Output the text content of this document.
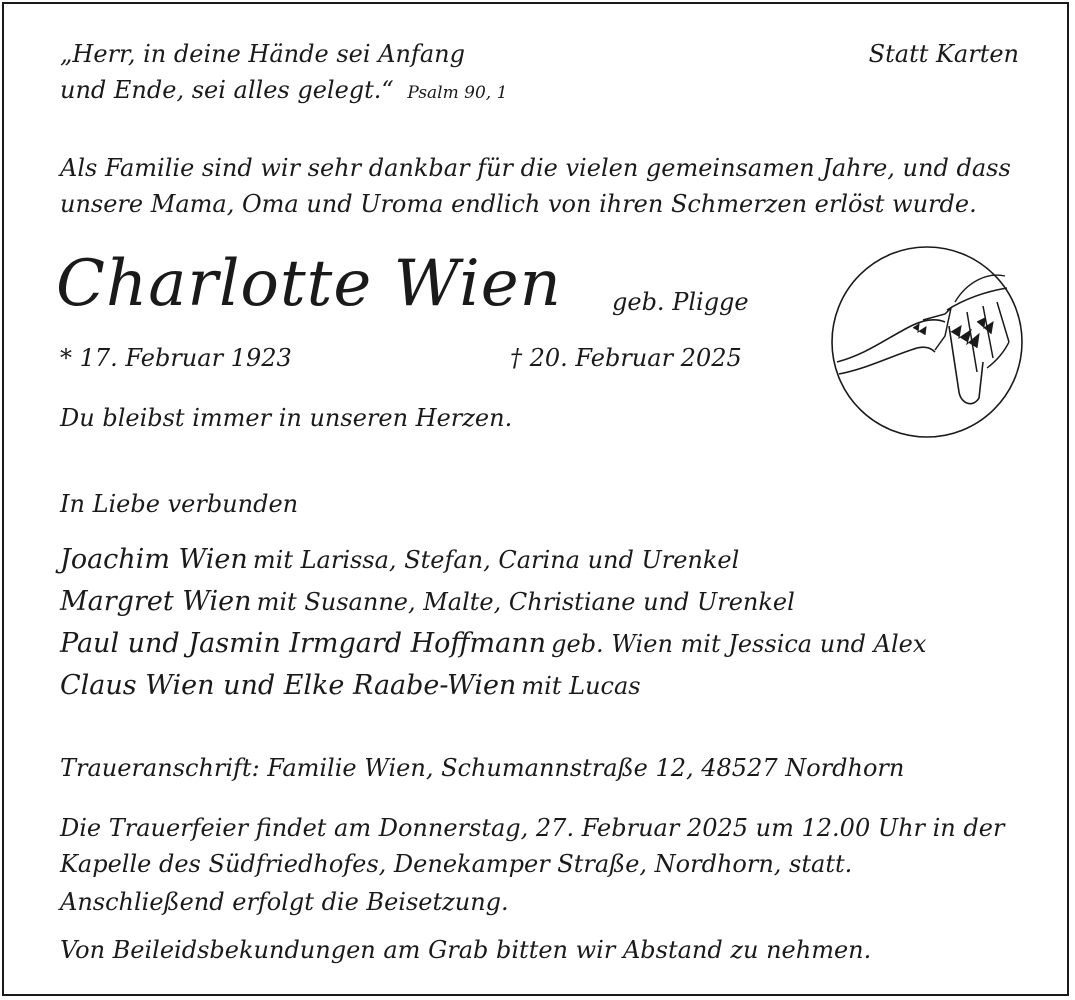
„Herr, in deine Hände sei Anfang
und Ende, sei alles gelegt.“ Psalm 90, 1
Statt Karten
Als Familie sind wir sehr dankbar für die vielen gemeinsamen Jahre, und dass
unsere Mama, Oma und Uroma endlich von ihren Schmerzen erlöst wurde.
Charlotte Wien geb. Pligge
* 17. Februar 1923	† 20. Februar 2025
Du bleibst immer in unseren Herzen.
In Liebe verbunden
Joachim Wien mit Larissa, Stefan, Carina und Urenkel
Margret Wien mit Susanne, Malte, Christiane und Urenkel
Paul und Jasmin Irmgard Hoffmann geb. Wien mit Jessica und Alex
Claus Wien und Elke Raabe-Wien mit Lucas
Traueranschrift: Familie Wien, Schumannstraße 12, 48527 Nordhorn
Die Trauerfeier findet am Donnerstag, 27. Februar 2025 um 12.00 Uhr in der
Kapelle des Südfriedhofes, Denekamper Straße, Nordhorn, statt.
Anschließend erfolgt die Beisetzung.
Von Beileidsbekundungen am Grab bitten wir Abstand zu nehmen.
